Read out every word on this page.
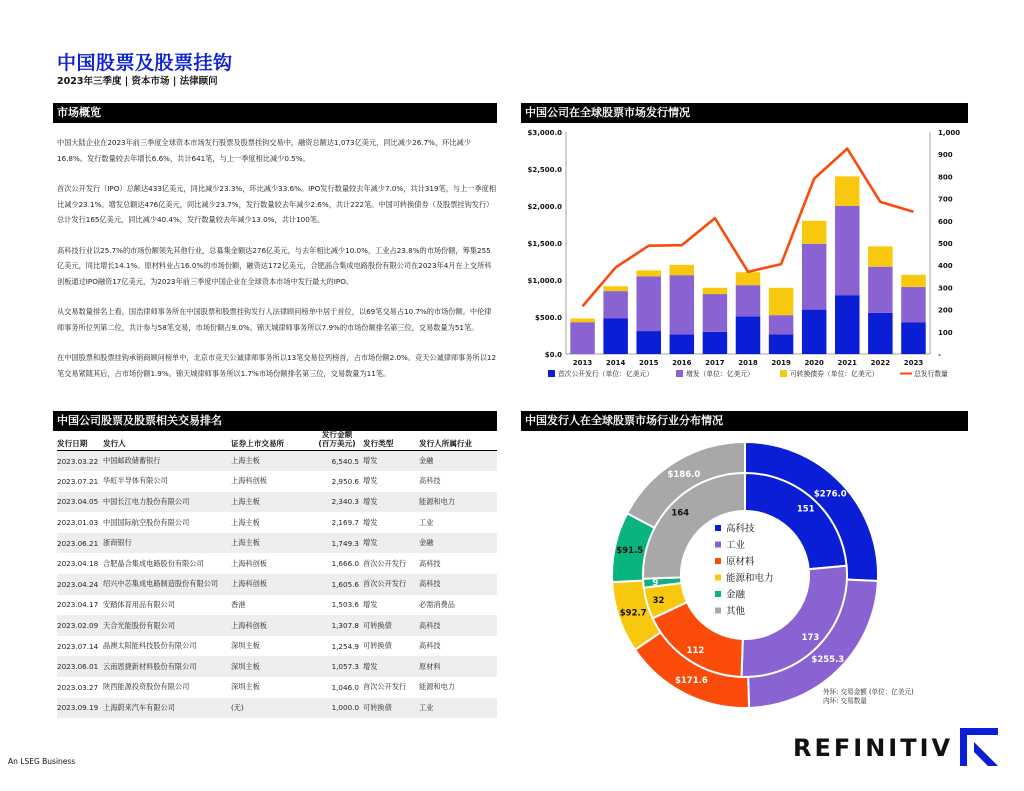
中国股票及股票挂钩
2023年三季度 | 资本市场 | 法律顾问
市场概览

中国大陆企业在2023年前三季度全球资本市场发行股票及股票挂钩交易中，融资总额达1,073亿美元，同比减少26.7%，环比减少16.8%。发行数量较去年增长6.6%，共计641笔，与上一季度相比减少0.5%。

首次公开发行（IPO）总额达433亿美元，同比减少23.3%，环比减少33.6%。IPO发行数量较去年减少7.0%，共计319笔，与上一季度相比减少23.1%。增发总额达476亿美元，同比减少23.7%，发行数量较去年减少2.6%，共计222笔。中国可转换债券（及股票挂钩发行）总计发行165亿美元，同比减少40.4%，发行数量较去年减少13.0%，共计100笔。

高科技行业以25.7%的市场份额领先其他行业，总募集金额达276亿美元，与去年相比减少10.0%，工业占23.8%的市场份额，筹集255亿美元，同比增长14.1%。原材料业占16.0%的市场份额，融资达172亿美元，合肥晶合集成电路股份有限公司在2023年4月在上交所科创板通过IPO融资17亿美元，为2023年前三季度中国企业在全球资本市场中发行最大的IPO。

从交易数量排名上看，国浩律师事务所在中国股票和股票挂钩发行人法律顾问榜单中居于首位，以69笔交易占10.7%的市场份额。中伦律师事务所位列第二位，共计参与58笔交易，市场份额占9.0%。锦天城律师事务所以7.9%的市场份额排名第三位，交易数量为51笔。

在中国股票和股票挂钩承销商顾问榜单中，北京市竞天公诚律师事务所以13笔交易位列榜首，占市场份额2.0%。竞天公诚律师事务所以12笔交易紧随其后，占市场份额1.9%。锦天城律师事务所以1.7%市场份额排名第三位，交易数量为11笔。

中国公司在全球股票市场发行情况
$0.0
$500.0
$1,000.0
$1,500.0
$2,000.0
$2,500.0
$3,000.0
-
100
200
300
400
500
600
700
800
900
1,000
2013 2014 2015 2016 2017 2018 2019 2020 2021 2022 2023
首次公开发行（单位：亿美元）	增发（单位：亿美元）	可转换债券（单位：亿美元）	总发行数量
中国公司股票及股票相关交易排名
发行日期	发行人	证券上市交易所	发行金额
(百万美元)	发行类型	发行人所属行业
2023.03.22	中国邮政储蓄银行	上海主板	6,540.5	增发	金融
2023.07.21	华虹半导体有限公司	上海科创板	2,950.6	增发	高科技
2023.04.05	中国长江电力股份有限公司	上海主板	2,340.3	增发	能源和电力
2023.01.03	中国国际航空股份有限公司	上海主板	2,169.7	增发	工业
2023.06.21	浙商银行	上海主板	1,749.3	增发	金融
2023.04.18	合肥晶合集成电路股份有限公司	上海科创板	1,666.0	首次公开发行	高科技
2023.04.24	绍兴中芯集成电路制造股份有限公司	上海科创板	1,605.6	首次公开发行	高科技
2023.04.17	安踏体育用品有限公司	香港	1,503.6	增发	必需消费品
2023.02.09	天合光能股份有限公司	上海科创板	1,307.8	可转换债	高科技
2023.07.14	晶澳太阳能科技股份有限公司	深圳主板	1,254.9	可转换债	高科技
2023.06.01	云南恩捷新材料股份有限公司	深圳主板	1,057.3	增发	原材料
2023.03.27	陕西能源投资股份有限公司	深圳主板	1,046.0	首次公开发行	能源和电力
2023.09.19	上海蔚来汽车有限公司	(无)	1,000.0	可转换债	工业
中国发行人在全球股票市场行业分布情况
$276.0
$255.3
$171.6
$92.7
$91.5
$186.0
151
173
112
32
9
164
高科技
工业
原材料
能源和电力
金融
其他
外环: 交易金额 (单位：亿美元)
内环: 交易数量
An LSEG Business	REFINITIV
